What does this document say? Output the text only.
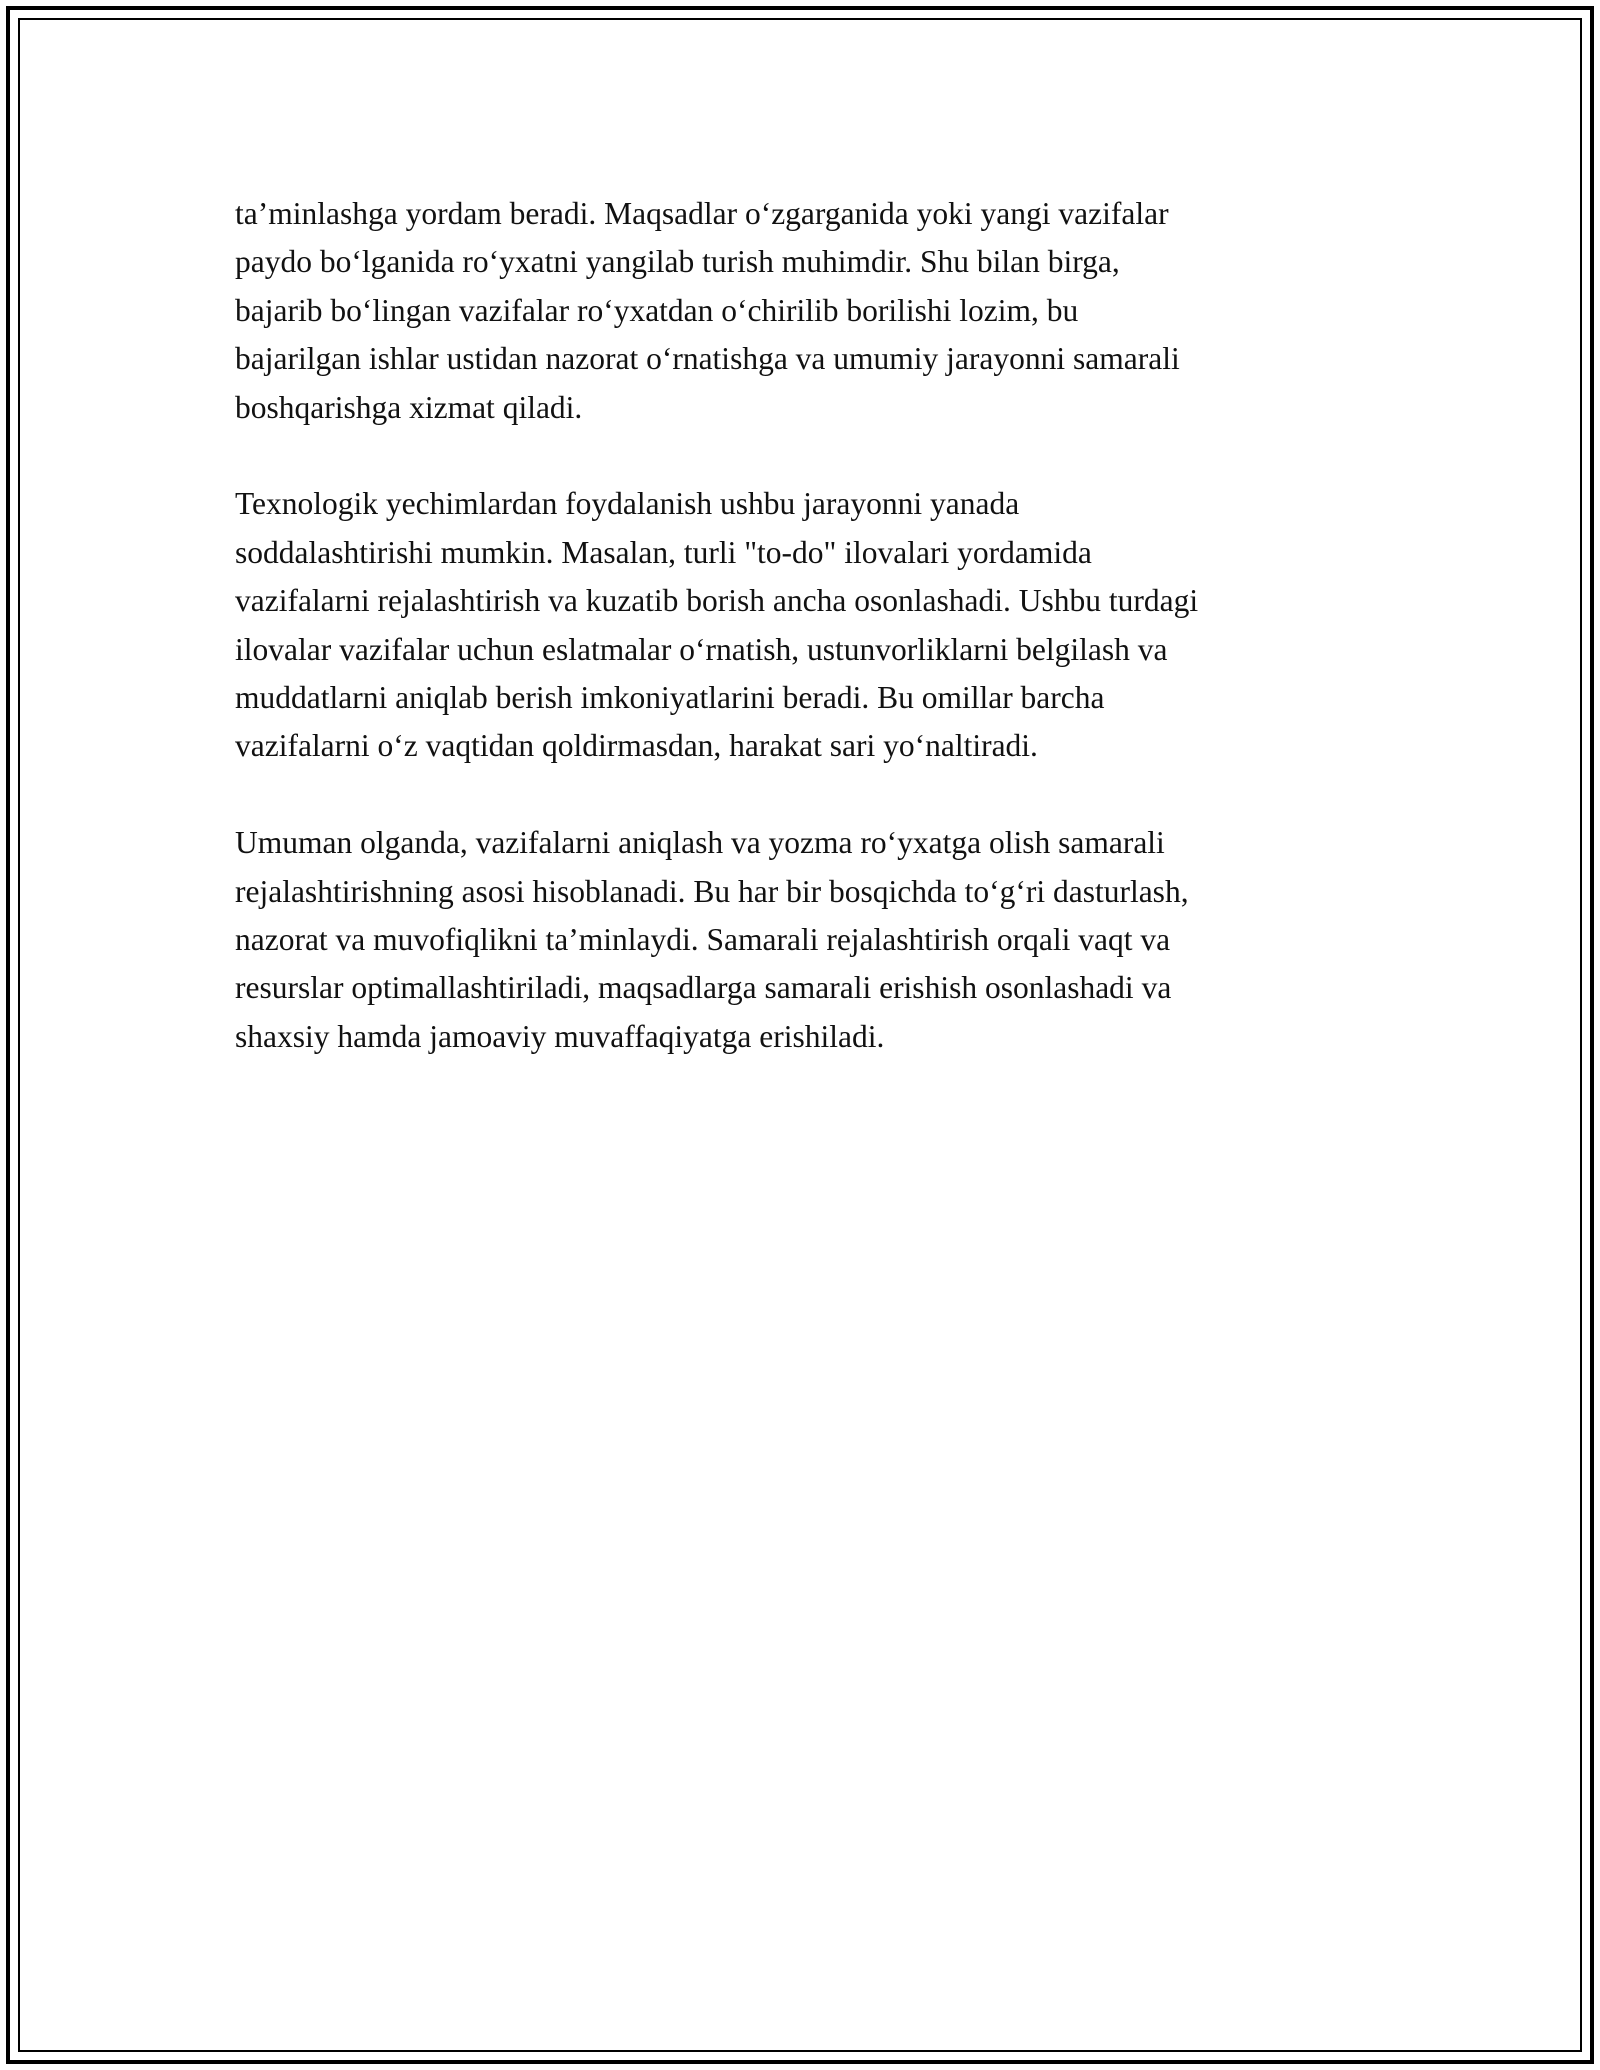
ta’minlashga yordam beradi. Maqsadlar o‘zgarganida yoki yangi vazifalar
paydo bo‘lganida ro‘yxatni yangilab turish muhimdir. Shu bilan birga,
bajarib bo‘lingan vazifalar ro‘yxatdan o‘chirilib borilishi lozim, bu
bajarilgan ishlar ustidan nazorat o‘rnatishga va umumiy jarayonni samarali
boshqarishga xizmat qiladi.

Texnologik yechimlardan foydalanish ushbu jarayonni yanada
soddalashtirishi mumkin. Masalan, turli "to-do" ilovalari yordamida
vazifalarni rejalashtirish va kuzatib borish ancha osonlashadi. Ushbu turdagi
ilovalar vazifalar uchun eslatmalar o‘rnatish, ustunvorliklarni belgilash va
muddatlarni aniqlab berish imkoniyatlarini beradi. Bu omillar barcha
vazifalarni o‘z vaqtidan qoldirmasdan, harakat sari yo‘naltiradi.

Umuman olganda, vazifalarni aniqlash va yozma ro‘yxatga olish samarali
rejalashtirishning asosi hisoblanadi. Bu har bir bosqichda to‘g‘ri dasturlash,
nazorat va muvofiqlikni ta’minlaydi. Samarali rejalashtirish orqali vaqt va
resurslar optimallashtiriladi, maqsadlarga samarali erishish osonlashadi va
shaxsiy hamda jamoaviy muvaffaqiyatga erishiladi.
